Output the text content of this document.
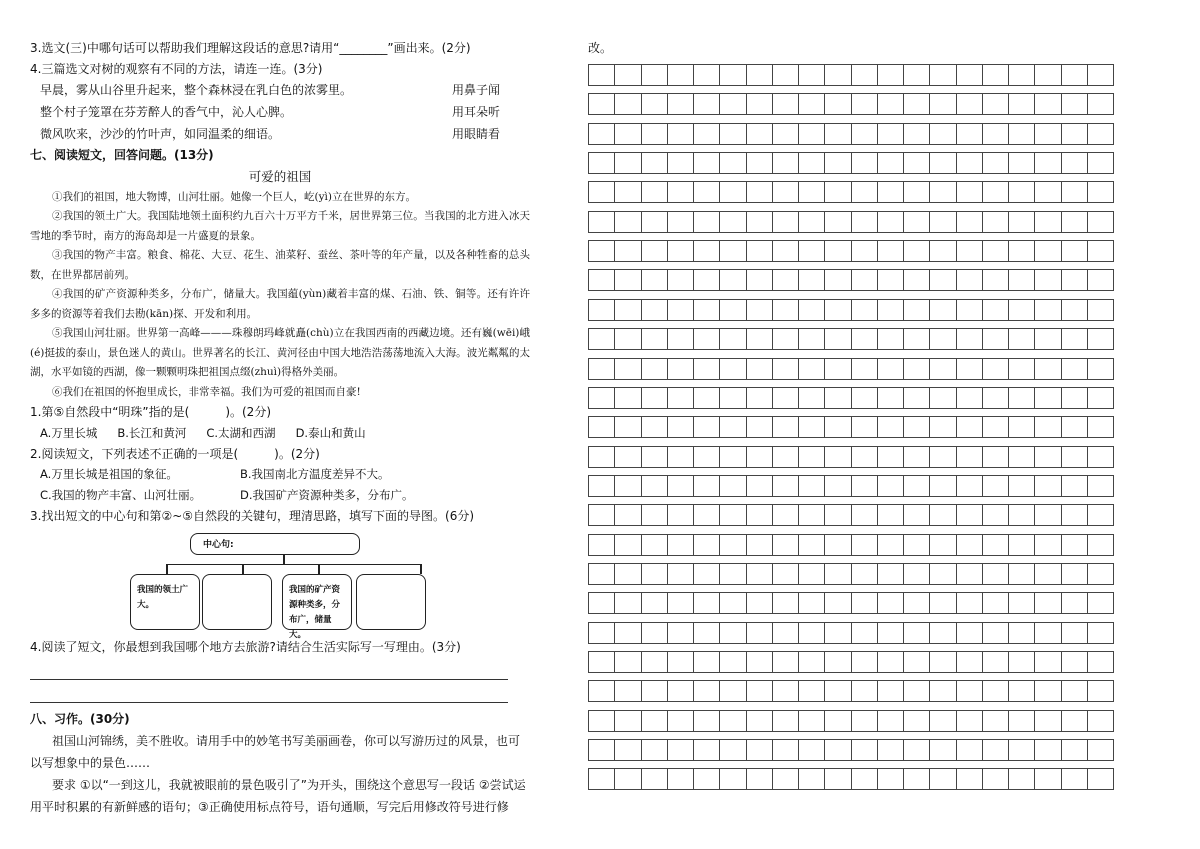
3.选文(三)中哪句话可以帮助我们理解这段话的意思?请用“________”画出来。(2分)
4.三篇选文对树的观察有不同的方法，请连一连。(3分)
早晨，雾从山谷里升起来，整个森林浸在乳白色的浓雾里。	用鼻子闻
整个村子笼罩在芬芳醉人的香气中，沁人心脾。	用耳朵听
微风吹来，沙沙的竹叶声，如同温柔的细语。	用眼睛看
七、阅读短文，回答问题。(13分)
可爱的祖国
①我们的祖国，地大物博，山河壮丽。她像一个巨人，屹(yì)立在世界的东方。
②我国的领土广大。我国陆地领土面积约九百六十万平方千米，居世界第三位。当我国的北方进入冰天雪地的季节时，南方的海岛却是一片盛夏的景象。
③我国的物产丰富。粮食、棉花、大豆、花生、油菜籽、蚕丝、茶叶等的年产量，以及各种牲畜的总头数，在世界都居前列。
④我国的矿产资源种类多，分布广，储量大。我国蕴(yùn)藏着丰富的煤、石油、铁、铜等。还有许许多多的资源等着我们去勘(kān)探、开发和利用。
⑤我国山河壮丽。世界第一高峰———珠穆朗玛峰就矗(chù)立在我国西南的西藏边境。还有巍(wēi)峨(é)挺拔的泰山，景色迷人的黄山。世界著名的长江、黄河径由中国大地浩浩荡荡地流入大海。波光粼粼的太湖，水平如镜的西湖，像一颗颗明珠把祖国点缀(zhuì)得格外美丽。
⑥我们在祖国的怀抱里成长，非常幸福。我们为可爱的祖国而自豪!
1.第⑤自然段中“明珠”指的是(　　　)。(2分)
A.万里长城 B.长江和黄河 C.太湖和西湖 D.泰山和黄山
2.阅读短文，下列表述不正确的一项是(　　　)。(2分)
A.万里长城是祖国的象征。	B.我国南北方温度差异不大。
C.我国的物产丰富、山河壮丽。	D.我国矿产资源种类多，分布广。
3.找出短文的中心句和第②~⑤自然段的关键句，理清思路，填写下面的导图。(6分)
中心句:
我国的领土广大。
我国的矿产资源种类多，分布广，储量大。
4.阅读了短文，你最想到我国哪个地方去旅游?请结合生活实际写一写理由。(3分)
八、习作。(30分)
祖国山河锦绣，美不胜收。请用手中的妙笔书写美丽画卷，你可以写游历过的风景，也可以写想象中的景色……
要求 ①以“一到这儿，我就被眼前的景色吸引了”为开头，围绕这个意思写一段话 ②尝试运用平时积累的有新鲜感的语句；③正确使用标点符号，语句通顺，写完后用修改符号进行修
改。
